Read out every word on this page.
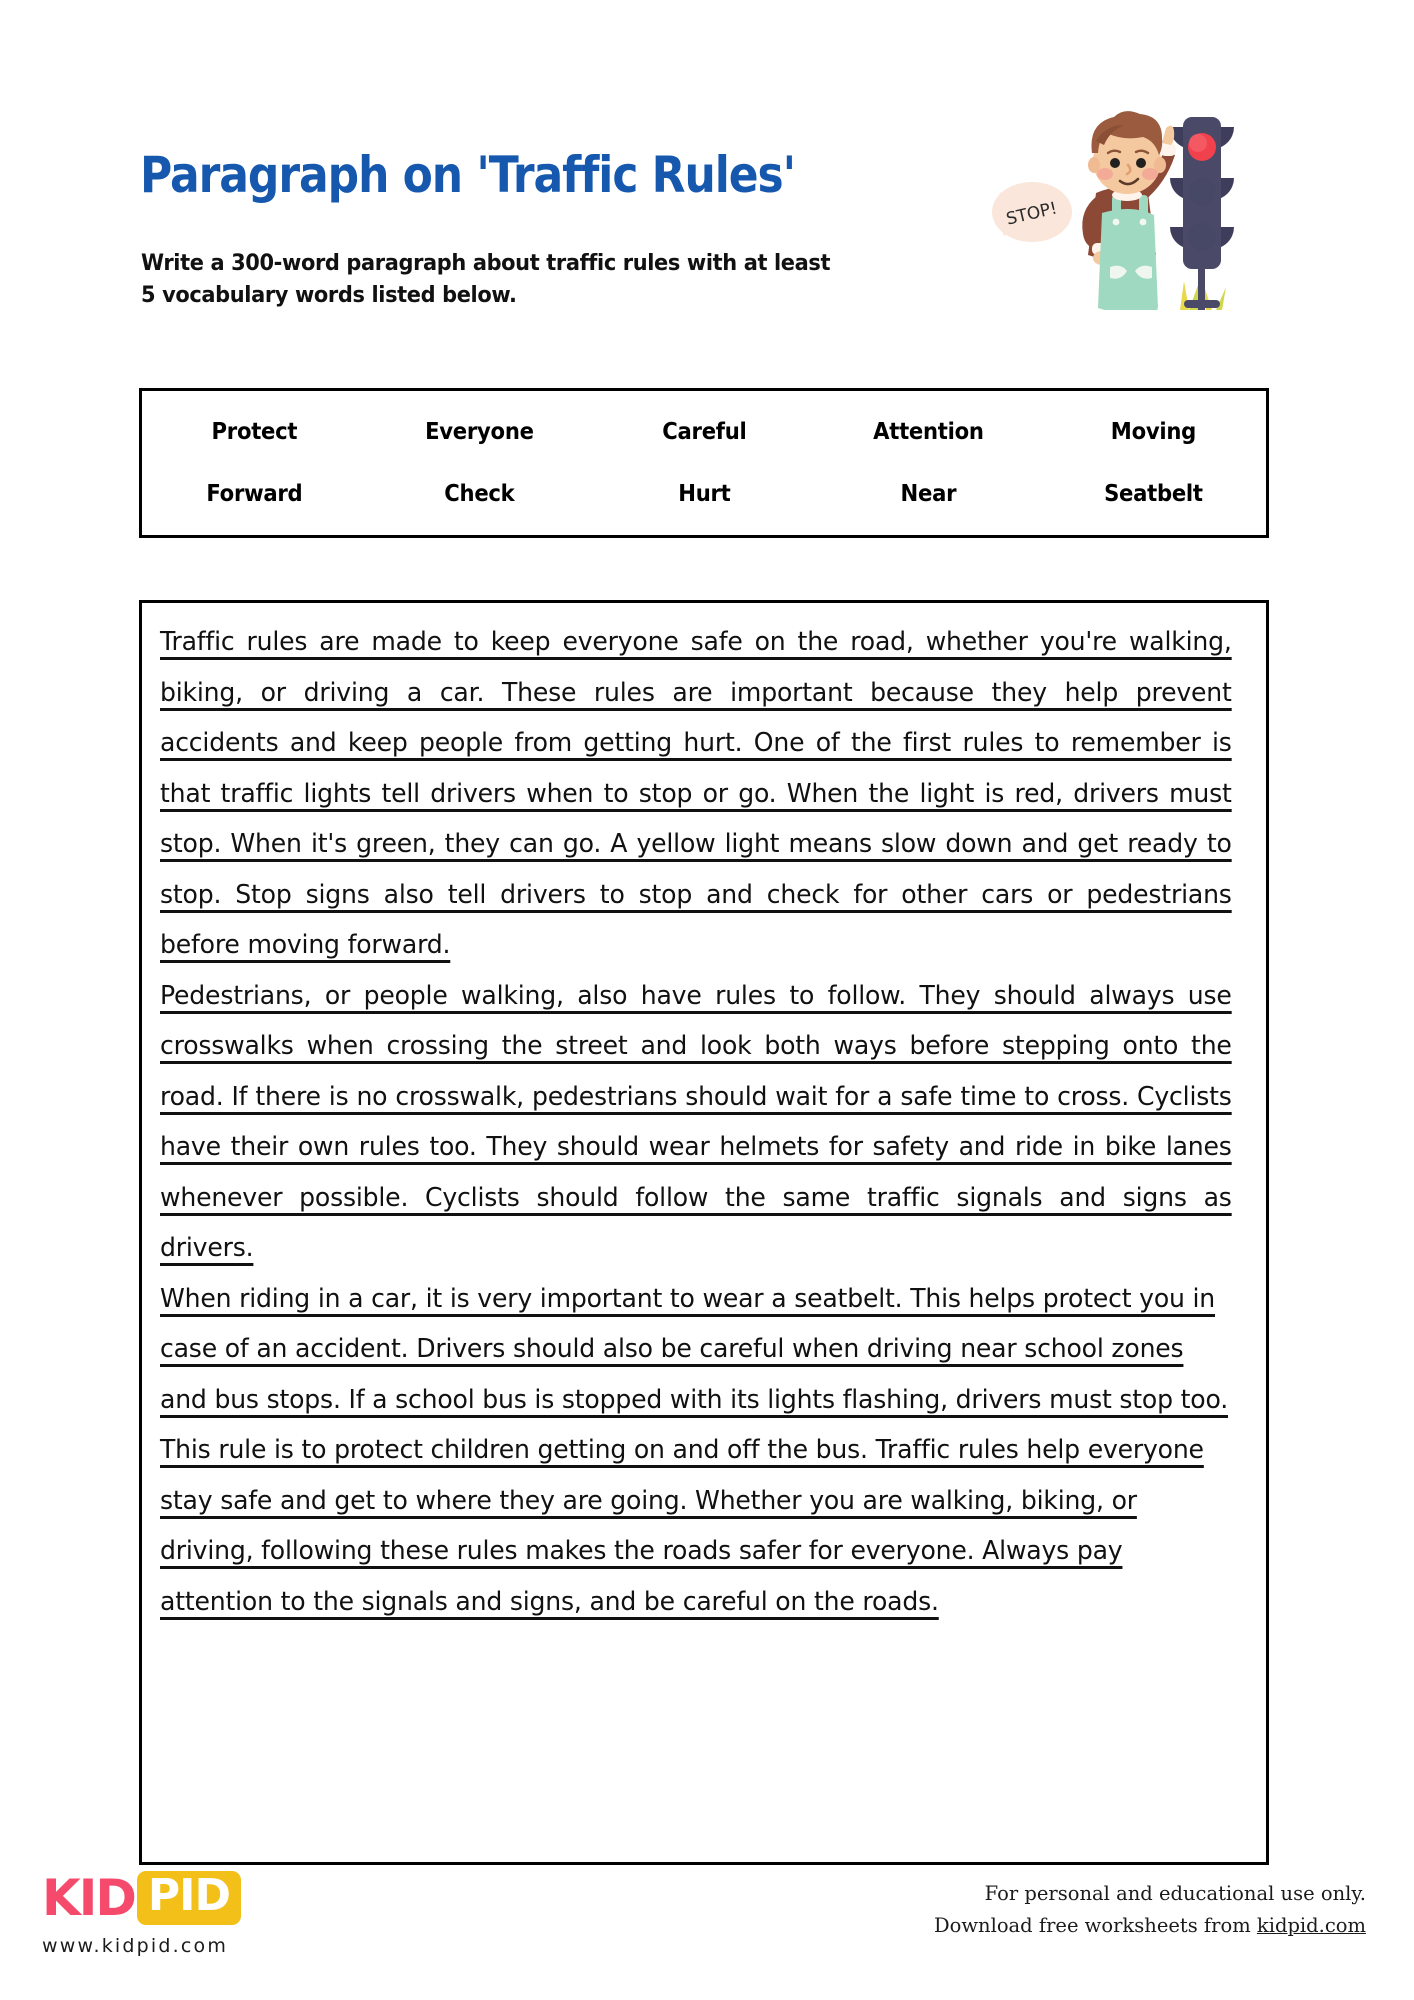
Paragraph on 'Traffic Rules'
Write a 300-word paragraph about traffic rules with at least 5 vocabulary words listed below.
STOP!
Protect	Everyone	Careful	Attention	Moving
Forward	Check	Hurt	Near	Seatbelt

Traffic rules are made to keep everyone safe on the road, whether you're walking, biking, or driving a car. These rules are important because they help prevent accidents and keep people from getting hurt. One of the first rules to remember is that traffic lights tell drivers when to stop or go. When the light is red, drivers must stop. When it's green, they can go. A yellow light means slow down and get ready to stop. Stop signs also tell drivers to stop and check for other cars or pedestrians before moving forward.

Pedestrians, or people walking, also have rules to follow. They should always use crosswalks when crossing the street and look both ways before stepping onto the road. If there is no crosswalk, pedestrians should wait for a safe time to cross. Cyclists have their own rules too. They should wear helmets for safety and ride in bike lanes whenever possible. Cyclists should follow the same traffic signals and signs as drivers.

When riding in a car, it is very important to wear a seatbelt. This helps protect you in case of an accident. Drivers should also be careful when driving near school zones and bus stops. If a school bus is stopped with its lights flashing, drivers must stop too. This rule is to protect children getting on and off the bus. Traffic rules help everyone stay safe and get to where they are going. Whether you are walking, biking, or driving, following these rules makes the roads safer for everyone. Always pay attention to the signals and signs, and be careful on the roads.

KID PID
www.kidpid.com
For personal and educational use only.
Download free worksheets from kidpid.com
